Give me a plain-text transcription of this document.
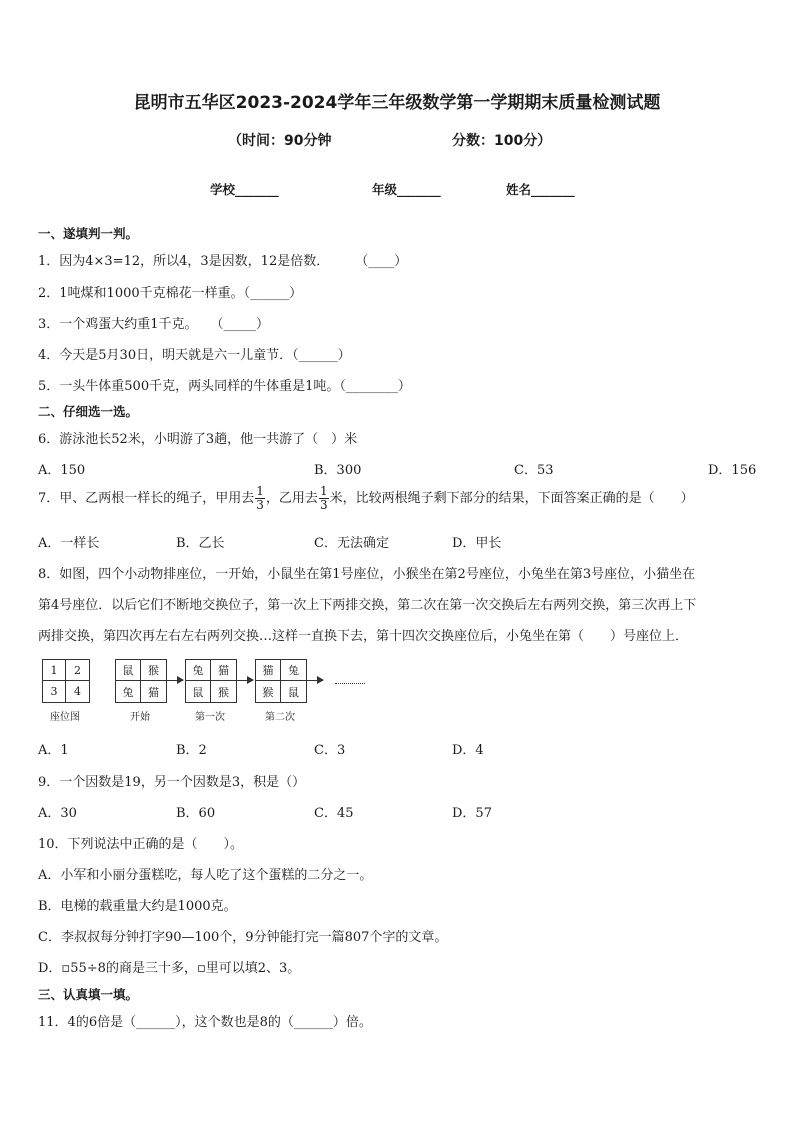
昆明市五华区2023-2024学年三年级数学第一学期期末质量检测试题
（时间：90分钟	分数：100分）
学校_______	年级_______	姓名_______
一、遂填判一判。
1．因为4×3=12，所以4，3是因数，12是倍数．　　　（____）
2．1吨煤和1000千克棉花一样重。（______）
3．一个鸡蛋大约重1千克。　　（_____）
4．今天是5月30日，明天就是六一儿童节．（______）
5．一头牛体重500千克，两头同样的牛体重是1吨。（________）
二、仔细选一选。
6．游泳池长52米，小明游了3趟，他一共游了（　）米
A．150	B．300	C．53	D．156
7．甲、乙两根一样长的绳子，甲用去 $\frac{1}{3}$ ，乙用去 $\frac{1}{3}$ 米，比较两根绳子剩下部分的结果，下面答案正确的是（　　）
A．一样长	B．乙长	C．无法确定	D．甲长
8．如图，四个小动物排座位，一开始，小鼠坐在第1号座位，小猴坐在第2号座位，小兔坐在第3号座位，小猫坐在
第4号座位．以后它们不断地交换位子，第一次上下两排交换，第二次在第一次交换后左右两列交换，第三次再上下
两排交换，第四次再左右左右两列交换…这样一直换下去，第十四次交换座位后，小兔坐在第（　　）号座位上．
1	2
3	4
座位图
鼠	猴
兔	猫
开始
兔	猫
鼠	猴
第一次
猫	兔
猴	鼠
第二次
A．1	B．2	C．3	D．4
9．一个因数是19，另一个因数是3，积是（）
A．30	B．60	C．45	D．57
10．下列说法中正确的是（　　）。
A．小军和小丽分蛋糕吃，每人吃了这个蛋糕的二分之一。
B．电梯的载重量大约是1000克。
C．李叔叔每分钟打字90—100个，9分钟能打完一篇807个字的文章。
D．▫55÷8的商是三十多，▫里可以填2、3。
三、认真填一填。
11．4的6倍是（______），这个数也是8的（______）倍。
